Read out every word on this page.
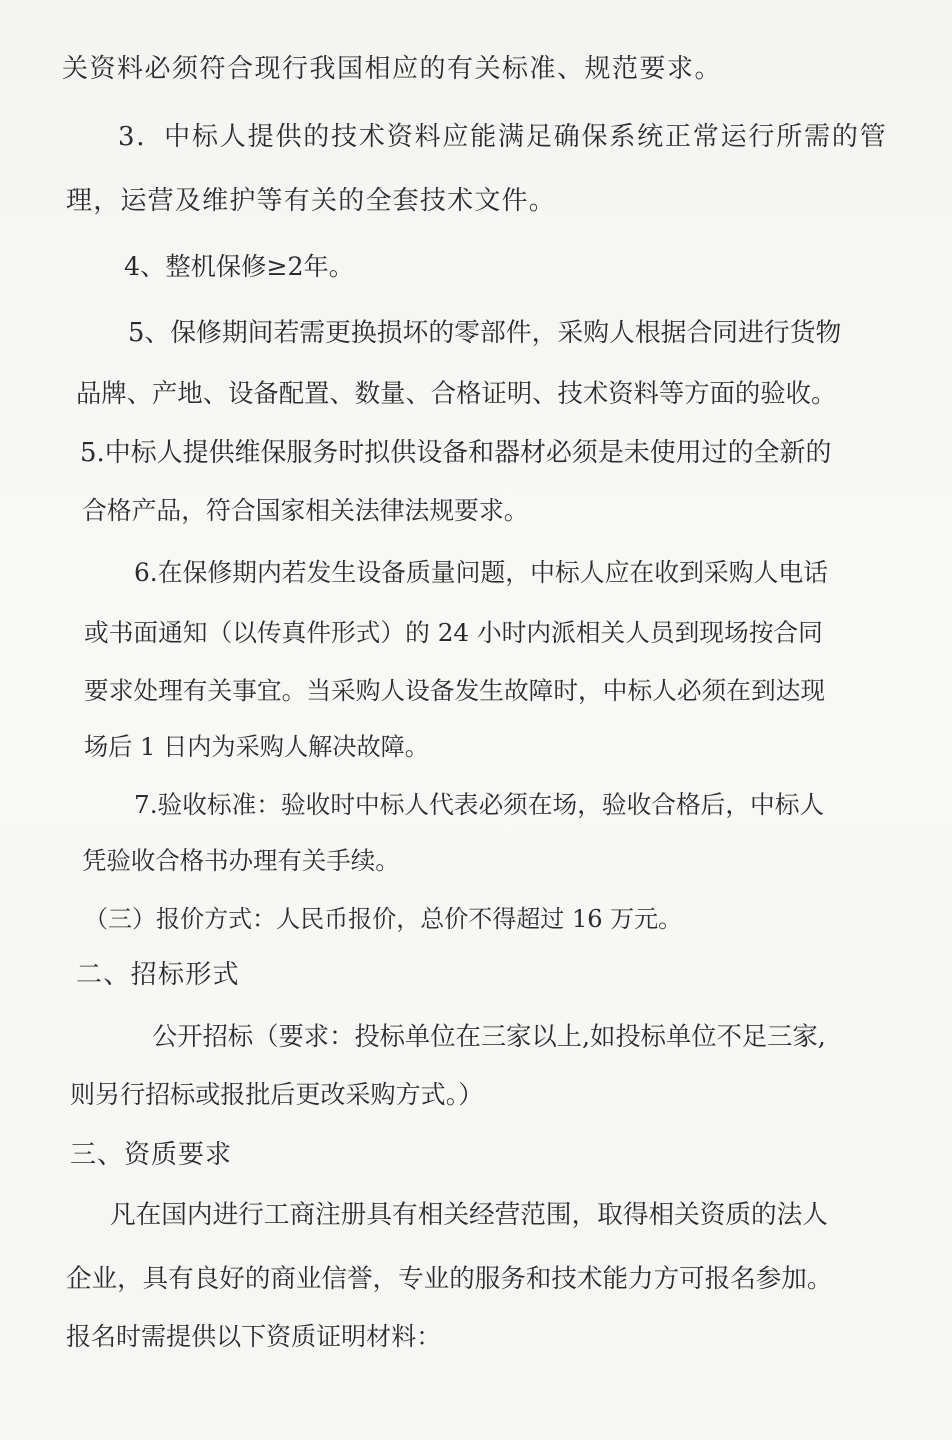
关资料必须符合现行我国相应的有关标准、规范要求。
3．中标人提供的技术资料应能满足确保系统正常运行所需的管
理，运营及维护等有关的全套技术文件。
4、整机保修≥2年。
5、保修期间若需更换损坏的零部件，采购人根据合同进行货物
品牌、产地、设备配置、数量、合格证明、技术资料等方面的验收。
5.中标人提供维保服务时拟供设备和器材必须是未使用过的全新的
合格产品，符合国家相关法律法规要求。
6.在保修期内若发生设备质量问题，中标人应在收到采购人电话
或书面通知（以传真件形式）的 24 小时内派相关人员到现场按合同
要求处理有关事宜。当采购人设备发生故障时，中标人必须在到达现
场后 1 日内为采购人解决故障。
7.验收标准：验收时中标人代表必须在场，验收合格后，中标人
凭验收合格书办理有关手续。
（三）报价方式：人民币报价，总价不得超过 16 万元。
二、招标形式
公开招标（要求：投标单位在三家以上,如投标单位不足三家,
则另行招标或报批后更改采购方式。）
三、资质要求
凡在国内进行工商注册具有相关经营范围，取得相关资质的法人
企业，具有良好的商业信誉，专业的服务和技术能力方可报名参加。
报名时需提供以下资质证明材料：
